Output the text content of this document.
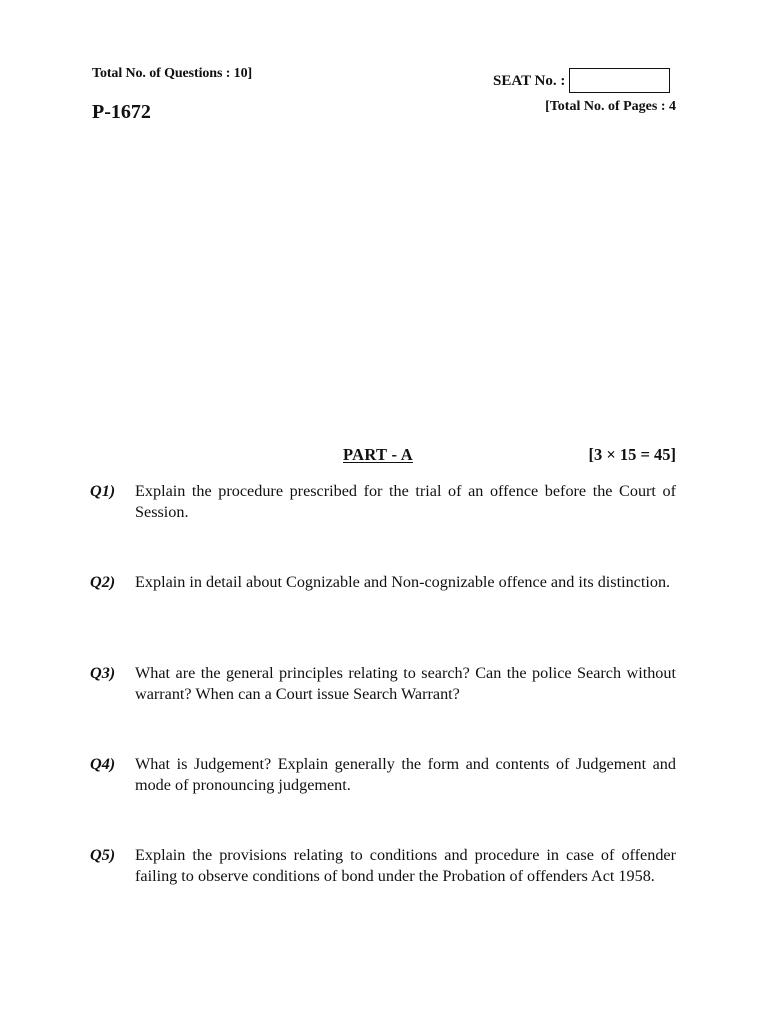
Total No. of Questions : 10]	SEAT No. :
P-1672	[Total No. of Pages : 4
PART - A	[3 × 15 = 45]
Q1)	Explain the procedure prescribed for the trial of an offence before the Court of Session.
Q2)	Explain in detail about Cognizable and Non-cognizable offence and its distinction.
Q3)	What are the general principles relating to search? Can the police Search without warrant? When can a Court issue Search Warrant?
Q4)	What is Judgement? Explain generally the form and contents of Judgement and mode of pronouncing judgement.
Q5)	Explain the provisions relating to conditions and procedure in case of offender failing to observe conditions of bond under the Probation of offenders Act 1958.
